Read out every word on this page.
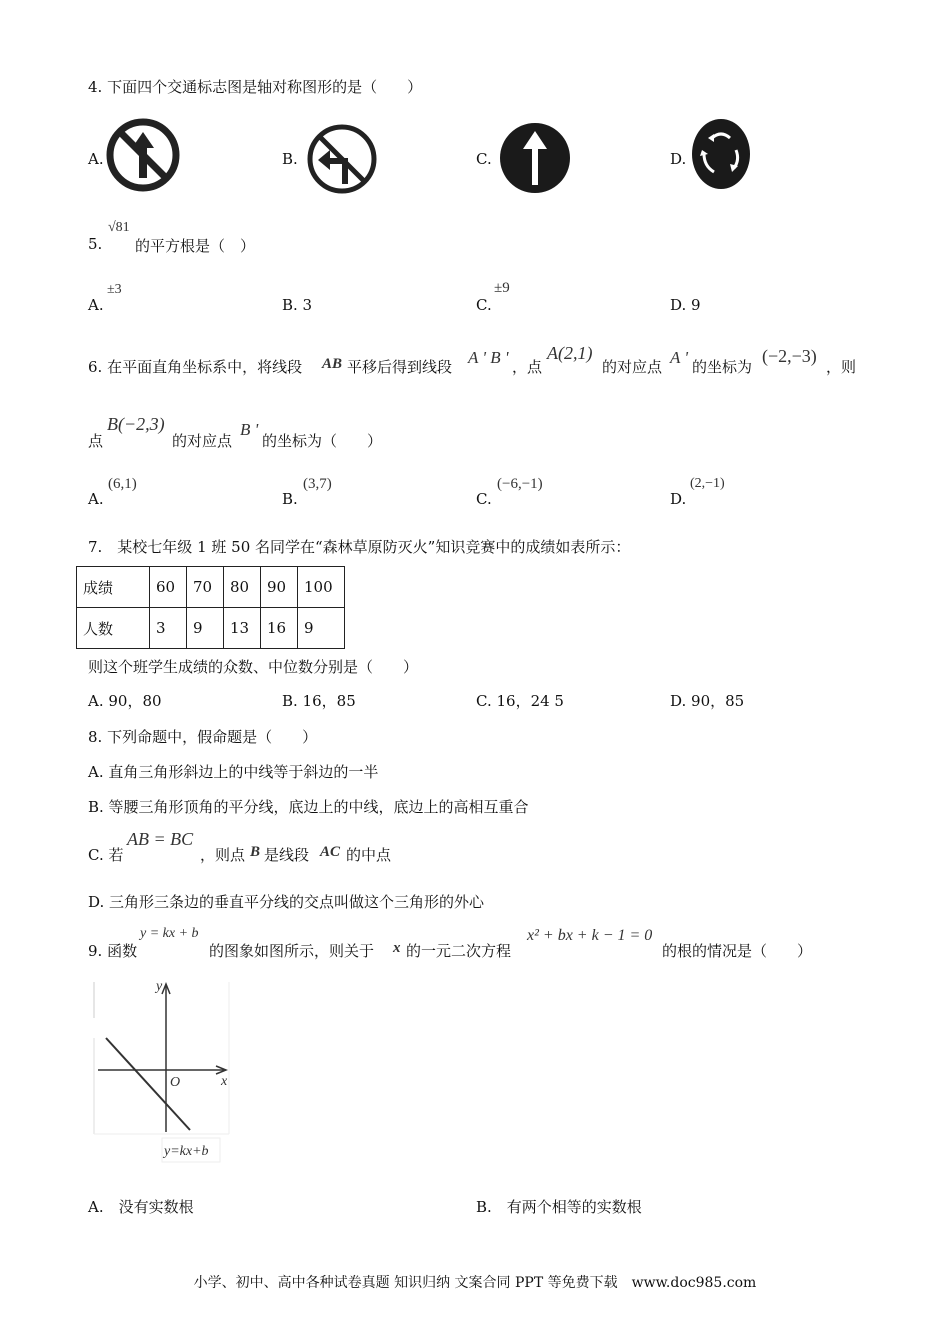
4. 下面四个交通标志图是轴对称图形的是（　　）
A.	B.	C.	D.
5.
√81
的平方根是（　）
A.
±3
B. 3	C.
±9
D. 9
6. 在平面直角坐标系中，将线段 AB 平移后得到线段 A ' B ' ，点
A(2,1)
的对应点 A ' 的坐标为
(−2,−3)
，则
点
B(−2,3)
的对应点
B '
的坐标为（　　）
A.
(6,1)
B.
(3,7)
C.
(−6,−1)
D.
(2,−1)
7.　某校七年级 1 班 50 名同学在“森林草原防灭火”知识竞赛中的成绩如表所示：
成绩	60	70	80	90	100
人数	3	9	13	16	9
则这个班学生成绩的众数、中位数分别是（　　）
A. 90，80	B. 16，85	C. 16，24 5	D. 90，85
8. 下列命题中，假命题是（　　）
A. 直角三角形斜边上的中线等于斜边的一半
B. 等腰三角形顶角的平分线，底边上的中线，底边上的高相互重合
C. 若
AB = BC
，则点 B 是线段 AC 的中点
D. 三角形三条边的垂直平分线的交点叫做这个三角形的外心
9. 函数
y = kx + b
的图象如图所示，则关于 x 的一元二次方程
x² + bx + k − 1 = 0
的根的情况是（　　）
y
x
O
y=kx+b
A.　没有实数根	B.　有两个相等的实数根
小学、初中、高中各种试卷真题 知识归纳 文案合同 PPT 等免费下载　www.doc985.com
